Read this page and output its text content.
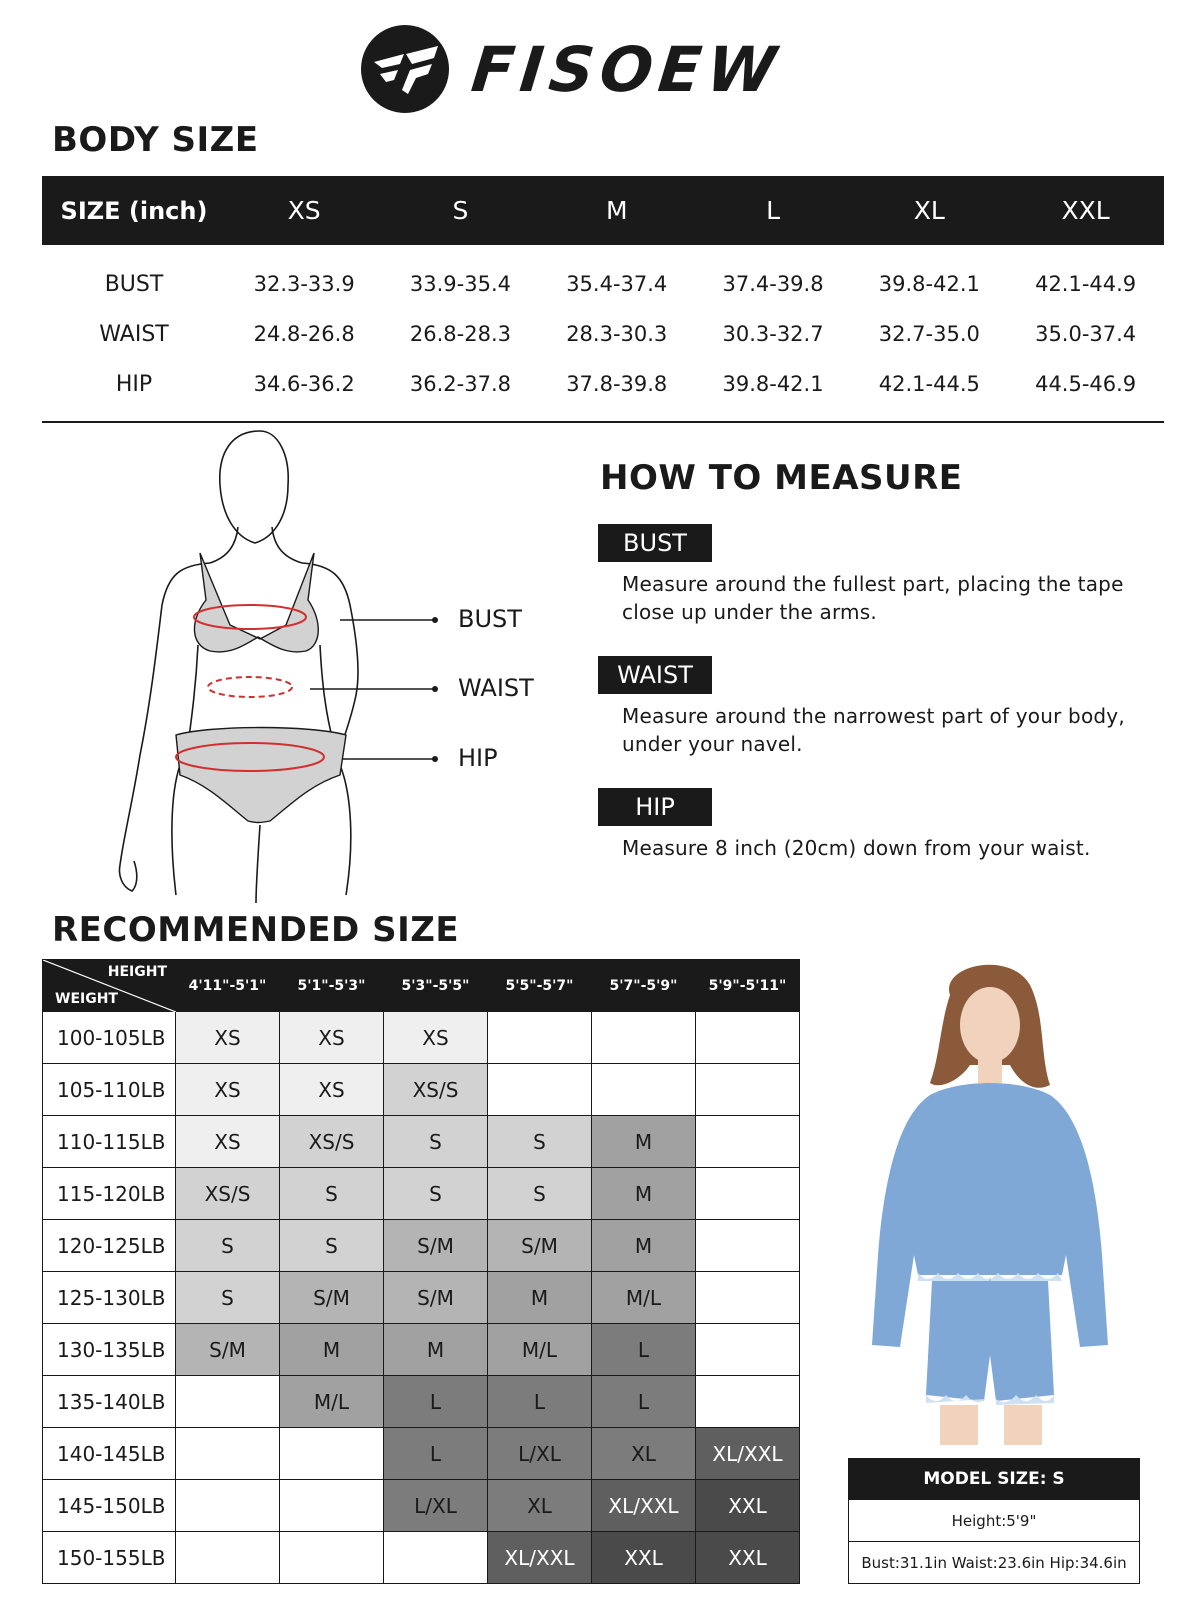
FISOEW
BODY SIZE
SIZE (inch)	XS	S	M	L	XL	XXL
BUST	32.3-33.9	33.9-35.4	35.4-37.4	37.4-39.8	39.8-42.1	42.1-44.9
WAIST	24.8-26.8	26.8-28.3	28.3-30.3	30.3-32.7	32.7-35.0	35.0-37.4
HIP	34.6-36.2	36.2-37.8	37.8-39.8	39.8-42.1	42.1-44.5	44.5-46.9
BUST
WAIST
HIP
HOW TO MEASURE
BUST
Measure around the fullest part, placing the tape close up under the arms.
WAIST
Measure around the narrowest part of your body, under your navel.
HIP
Measure 8 inch (20cm) down from your waist.
RECOMMENDED SIZE
HEIGHT
WEIGHT	4'11"-5'1"	5'1"-5'3"	5'3"-5'5"	5'5"-5'7"	5'7"-5'9"	5'9"-5'11"
100-105LB	XS	XS	XS			
105-110LB	XS	XS	XS/S			
110-115LB	XS	XS/S	S	S	M	
115-120LB	XS/S	S	S	S	M	
120-125LB	S	S	S/M	S/M	M	
125-130LB	S	S/M	S/M	M	M/L	
130-135LB	S/M	M	M	M/L	L	
135-140LB		M/L	L	L	L	
140-145LB			L	L/XL	XL	XL/XXL
145-150LB			L/XL	XL	XL/XXL	XXL
150-155LB				XL/XXL	XXL	XXL
MODEL SIZE: S
Height:5'9"
Bust:31.1in Waist:23.6in Hip:34.6in
